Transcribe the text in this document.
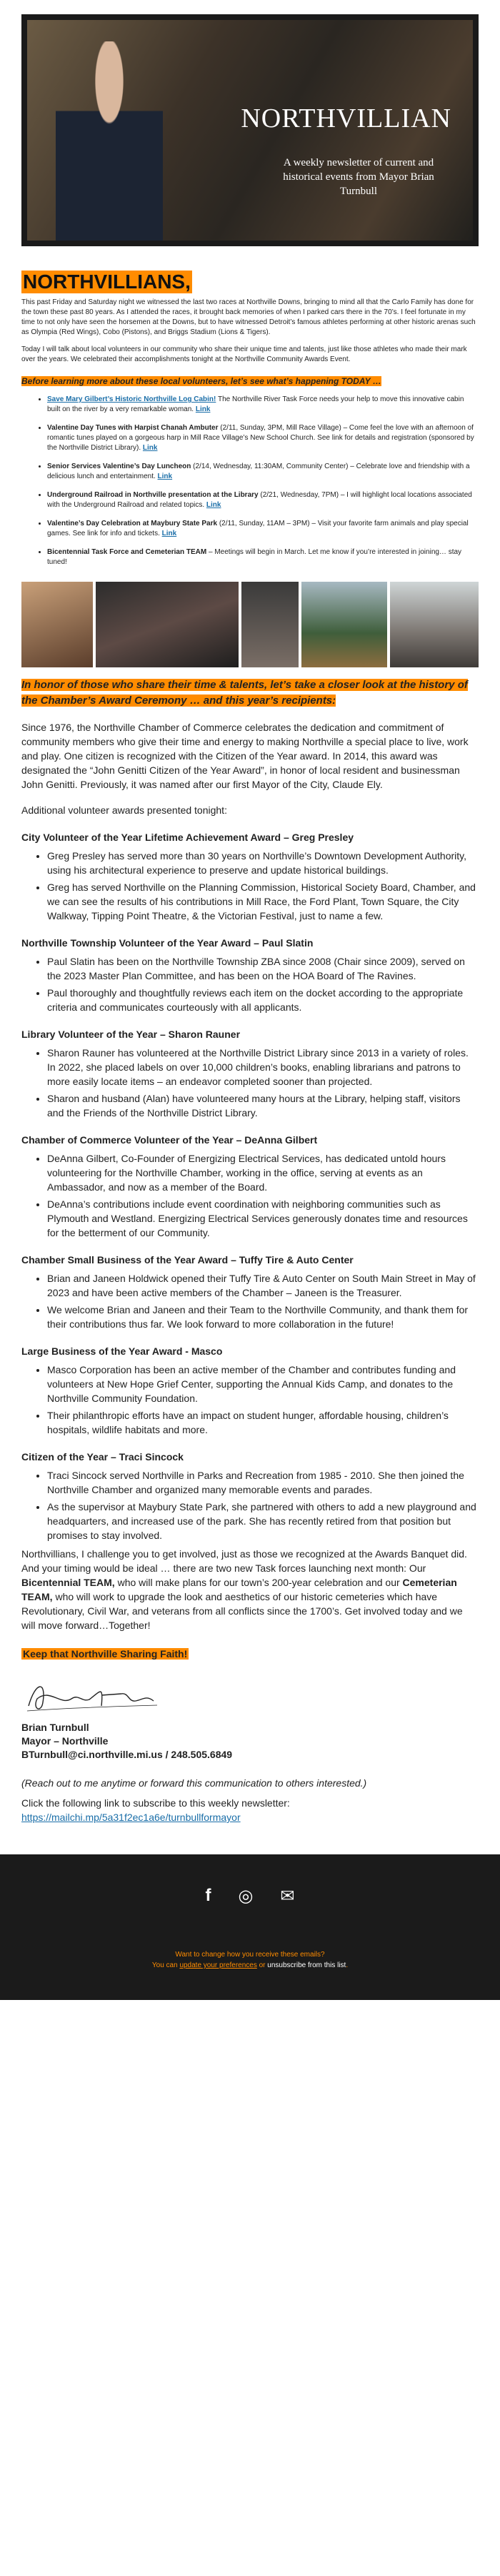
NORTHVILLIAN
A weekly newsletter of current and historical events from Mayor Brian Turnbull
NORTHVILLIANS,

This past Friday and Saturday night we witnessed the last two races at Northville Downs, bringing to mind all that the Carlo Family has done for the town these past 80 years. As I attended the races, it brought back memories of when I parked cars there in the 70’s. I feel fortunate in my time to not only have seen the horsemen at the Downs, but to have witnessed Detroit’s famous athletes performing at other historic arenas such as Olympia (Red Wings), Cobo (Pistons), and Briggs Stadium (Lions & Tigers).

Today I will talk about local volunteers in our community who share their unique time and talents, just like those athletes who made their mark over the years. We celebrated their accomplishments tonight at the Northville Community Awards Event.

Before learning more about these local volunteers, let’s see what’s happening TODAY …
• Save Mary Gilbert’s Historic Northville Log Cabin! The Northville River Task Force needs your help to move this innovative cabin built on the river by a very remarkable woman. Link
• Valentine Day Tunes with Harpist Chanah Ambuter (2/11, Sunday, 3PM, Mill Race Village) – Come feel the love with an afternoon of romantic tunes played on a gorgeous harp in Mill Race Village’s New School Church. See link for details and registration (sponsored by the Northville District Library). Link
• Senior Services Valentine’s Day Luncheon (2/14, Wednesday, 11:30AM, Community Center) – Celebrate love and friendship with a delicious lunch and entertainment. Link
• Underground Railroad in Northville presentation at the Library (2/21, Wednesday, 7PM) – I will highlight local locations associated with the Underground Railroad and related topics. Link
• Valentine’s Day Celebration at Maybury State Park (2/11, Sunday, 11AM – 3PM) – Visit your favorite farm animals and play special games. See link for info and tickets. Link
• Bicentennial Task Force and Cemeterian TEAM – Meetings will begin in March. Let me know if you’re interested in joining… stay tuned!
In honor of those who share their time & talents, let’s take a closer look at the history of the Chamber’s Award Ceremony … and this year’s recipients:

Since 1976, the Northville Chamber of Commerce celebrates the dedication and commitment of community members who give their time and energy to making Northville a special place to live, work and play. One citizen is recognized with the Citizen of the Year award. In 2014, this award was designated the “John Genitti Citizen of the Year Award”, in honor of local resident and businessman John Genitti. Previously, it was named after our first Mayor of the City, Claude Ely.

Additional volunteer awards presented tonight:

City Volunteer of the Year Lifetime Achievement Award – Greg Presley
• Greg Presley has served more than 30 years on Northville’s Downtown Development Authority, using his architectural experience to preserve and update historical buildings.
• Greg has served Northville on the Planning Commission, Historical Society Board, Chamber, and we can see the results of his contributions in Mill Race, the Ford Plant, Town Square, the City Walkway, Tipping Point Theatre, & the Victorian Festival, just to name a few.
Northville Township Volunteer of the Year Award – Paul Slatin
• Paul Slatin has been on the Northville Township ZBA since 2008 (Chair since 2009), served on the 2023 Master Plan Committee, and has been on the HOA Board of The Ravines.
• Paul thoroughly and thoughtfully reviews each item on the docket according to the appropriate criteria and communicates courteously with all applicants.
Library Volunteer of the Year – Sharon Rauner
• Sharon Rauner has volunteered at the Northville District Library since 2013 in a variety of roles. In 2022, she placed labels on over 10,000 children’s books, enabling librarians and patrons to more easily locate items – an endeavor completed sooner than projected.
• Sharon and husband (Alan) have volunteered many hours at the Library, helping staff, visitors and the Friends of the Northville District Library.
Chamber of Commerce Volunteer of the Year – DeAnna Gilbert
• DeAnna Gilbert, Co-Founder of Energizing Electrical Services, has dedicated untold hours volunteering for the Northville Chamber, working in the office, serving at events as an Ambassador, and now as a member of the Board.
• DeAnna’s contributions include event coordination with neighboring communities such as Plymouth and Westland. Energizing Electrical Services generously donates time and resources for the betterment of our Community.
Chamber Small Business of the Year Award – Tuffy Tire & Auto Center
• Brian and Janeen Holdwick opened their Tuffy Tire & Auto Center on South Main Street in May of 2023 and have been active members of the Chamber – Janeen is the Treasurer.
• We welcome Brian and Janeen and their Team to the Northville Community, and thank them for their contributions thus far. We look forward to more collaboration in the future!
Large Business of the Year Award - Masco
• Masco Corporation has been an active member of the Chamber and contributes funding and volunteers at New Hope Grief Center, supporting the Annual Kids Camp, and donates to the Northville Community Foundation.
• Their philanthropic efforts have an impact on student hunger, affordable housing, children’s hospitals, wildlife habitats and more.
Citizen of the Year – Traci Sincock
• Traci Sincock served Northville in Parks and Recreation from 1985 - 2010. She then joined the Northville Chamber and organized many memorable events and parades.
• As the supervisor at Maybury State Park, she partnered with others to add a new playground and headquarters, and increased use of the park. She has recently retired from that position but promises to stay involved.

Northvillians, I challenge you to get involved, just as those we recognized at the Awards Banquet did. And your timing would be ideal … there are two new Task forces launching next month: Our Bicentennial TEAM, who will make plans for our town’s 200-year celebration and our Cemeterian TEAM, who will work to upgrade the look and aesthetics of our historic cemeteries which have Revolutionary, Civil War, and veterans from all conflicts since the 1700’s. Get involved today and we will move forward…Together!

Keep that Northville Sharing Faith!
Brian Turnbull
Mayor – Northville
BTurnbull@ci.northville.mi.us / 248.505.6849
(Reach out to me anytime or forward this communication to others interested.)
Click the following link to subscribe to this weekly newsletter:
https://mailchi.mp/5a31f2ec1a6e/turnbullformayor
f ◎ ✉
Want to change how you receive these emails?
You can update your preferences or unsubscribe from this list.
